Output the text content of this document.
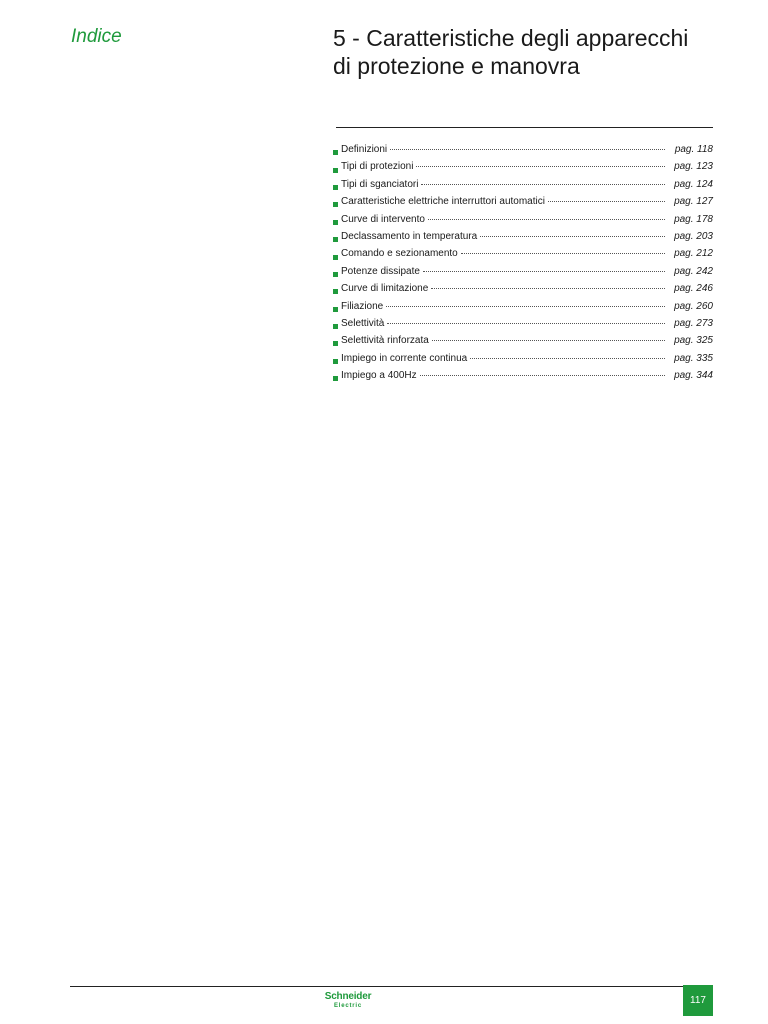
Indice	5 - Caratteristiche degli apparecchi
di protezione e manovra
Definizioni	pag. 118
Tipi di protezioni	pag. 123
Tipi di sganciatori	pag. 124
Caratteristiche elettriche interruttori automatici	pag. 127
Curve di intervento	pag. 178
Declassamento in temperatura	pag. 203
Comando e sezionamento	pag. 212
Potenze dissipate	pag. 242
Curve di limitazione	pag. 246
Filiazione	pag. 260
Selettività	pag. 273
Selettività rinforzata	pag. 325
Impiego in corrente continua	pag. 335
Impiego a 400Hz	pag. 344
Schneider
Electric	117
